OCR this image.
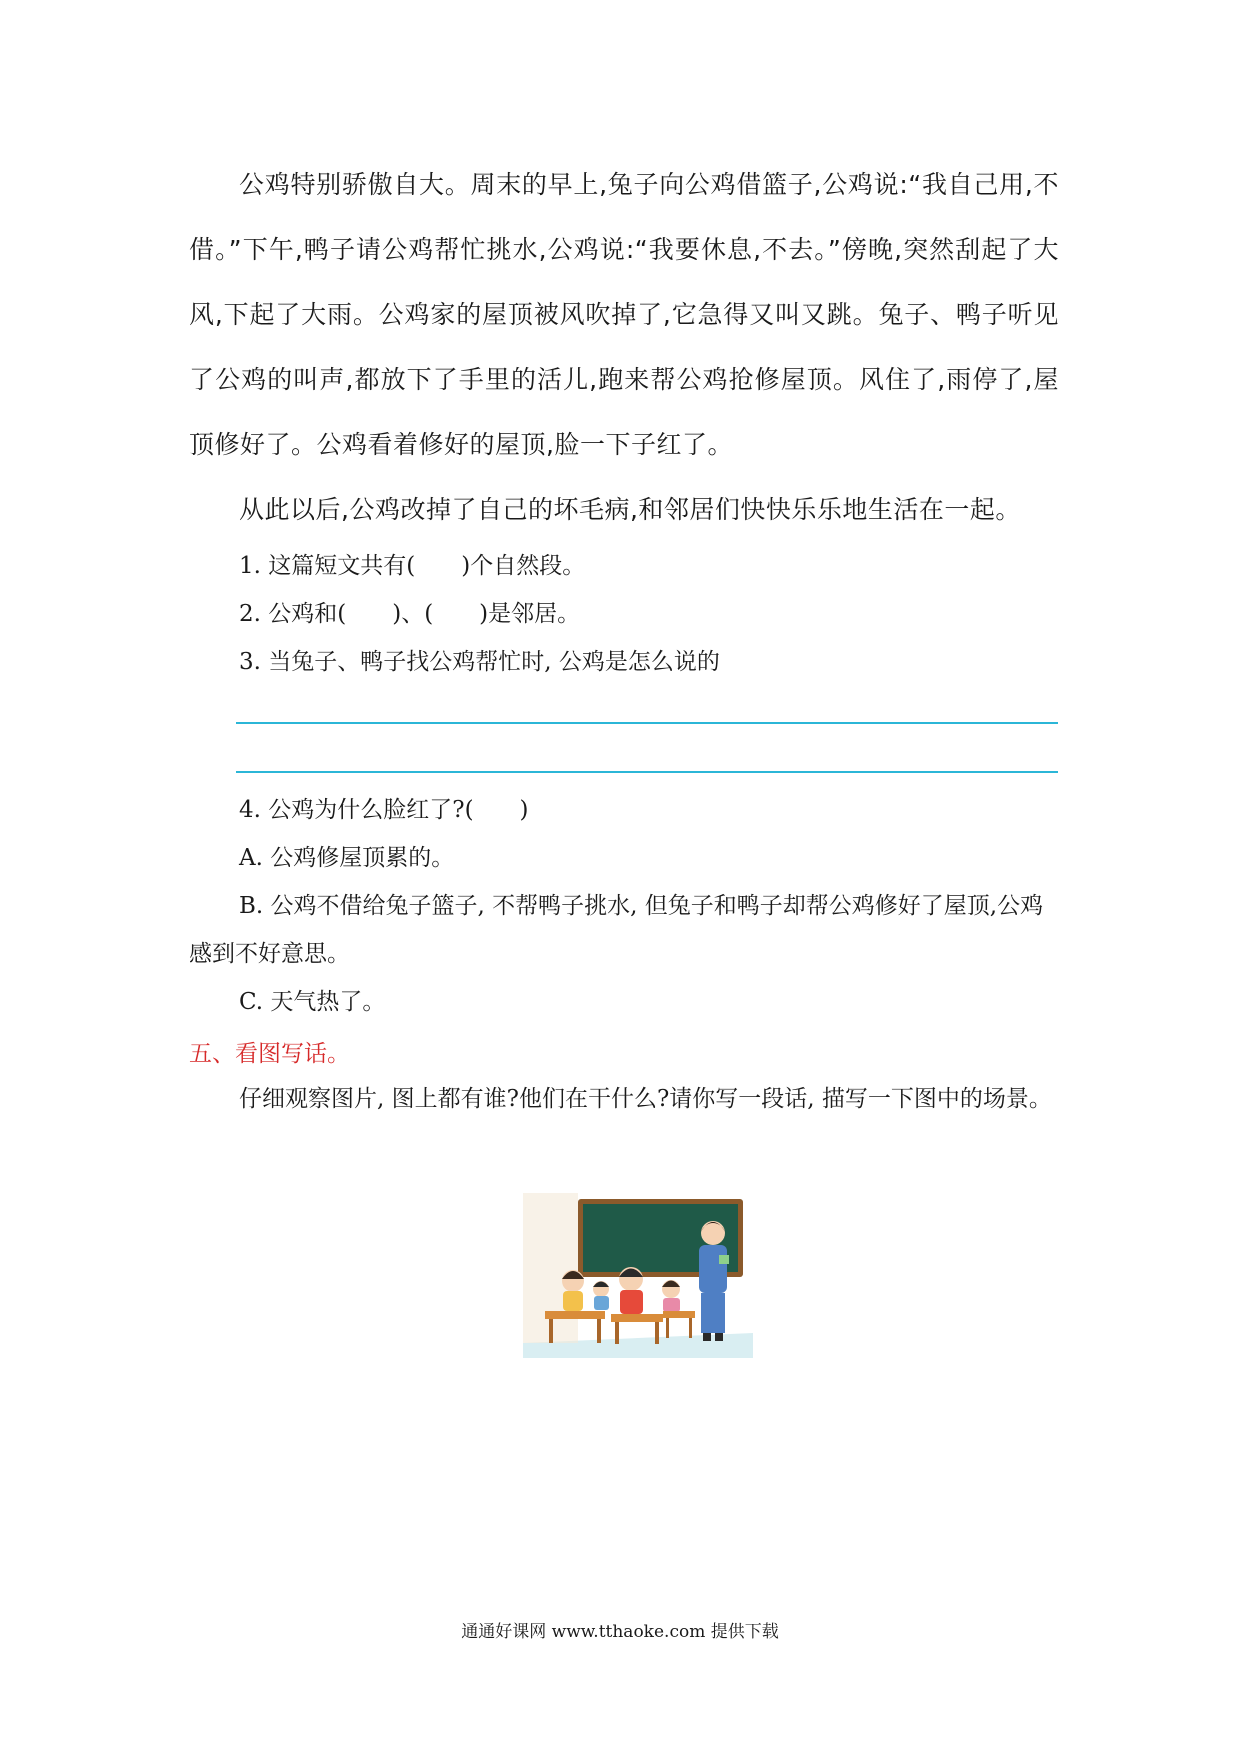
公鸡特别骄傲自大。周末的早上,兔子向公鸡借篮子,公鸡说:“我自己用,不借。”下午,鸭子请公鸡帮忙挑水,公鸡说:“我要休息,不去。”傍晚,突然刮起了大风,下起了大雨。公鸡家的屋顶被风吹掉了,它急得又叫又跳。兔子、鸭子听见了公鸡的叫声,都放下了手里的活儿,跑来帮公鸡抢修屋顶。风住了,雨停了,屋顶修好了。公鸡看着修好的屋顶,脸一下子红了。

从此以后,公鸡改掉了自己的坏毛病,和邻居们快快乐乐地生活在一起。

1. 这篇短文共有(　　)个自然段。

2. 公鸡和(　　)、(　　)是邻居。

3. 当兔子、鸭子找公鸡帮忙时, 公鸡是怎么说的

4. 公鸡为什么脸红了?(　　)

A. 公鸡修屋顶累的。

B. 公鸡不借给兔子篮子, 不帮鸭子挑水, 但兔子和鸭子却帮公鸡修好了屋顶,公鸡感到不好意思。

C. 天气热了。

五、看图写话。

仔细观察图片, 图上都有谁?他们在干什么?请你写一段话, 描写一下图中的场景。

通通好课网 www.tthaoke.com 提供下载
